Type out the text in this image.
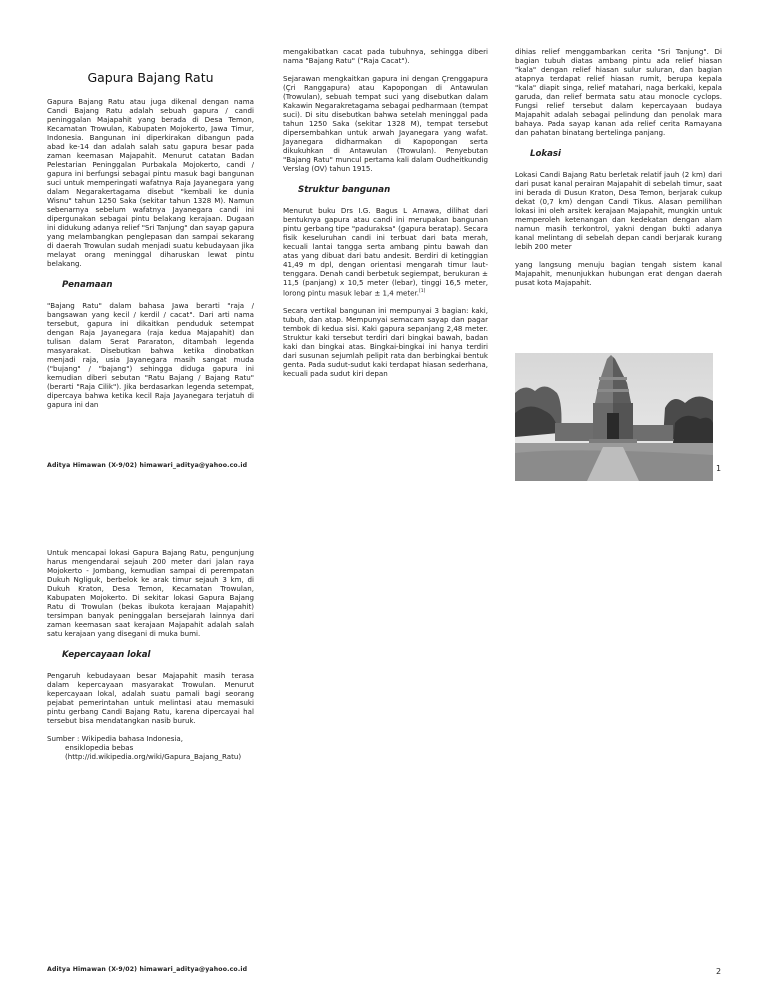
Gapura Bajang Ratu

Gapura Bajang Ratu atau juga dikenal dengan nama Candi Bajang Ratu adalah sebuah gapura / candi peninggalan Majapahit yang berada di Desa Temon, Kecamatan Trowulan, Kabupaten Mojokerto, Jawa Timur, Indonesia. Bangunan ini diperkirakan dibangun pada abad ke-14 dan adalah salah satu gapura besar pada zaman keemasan Majapahit. Menurut catatan Badan Pelestarian Peninggalan Purbakala Mojokerto, candi / gapura ini berfungsi sebagai pintu masuk bagi bangunan suci untuk memperingati wafatnya Raja Jayanegara yang dalam Negarakertagama disebut "kembali ke dunia Wisnu" tahun 1250 Saka (sekitar tahun 1328 M). Namun sebenarnya sebelum wafatnya Jayanegara candi ini dipergunakan sebagai pintu belakang kerajaan. Dugaan ini didukung adanya relief "Sri Tanjung" dan sayap gapura yang melambangkan penglepasan dan sampai sekarang di daerah Trowulan sudah menjadi suatu kebudayaan jika melayat orang meninggal diharuskan lewat pintu belakang.

Penamaan

"Bajang Ratu" dalam bahasa Jawa berarti "raja / bangsawan yang kecil / kerdil / cacat". Dari arti nama tersebut, gapura ini dikaitkan penduduk setempat dengan Raja Jayanegara (raja kedua Majapahit) dan tulisan dalam Serat Pararaton, ditambah legenda masyarakat. Disebutkan bahwa ketika dinobatkan menjadi raja, usia Jayanegara masih sangat muda ("bujang" / "bajang") sehingga diduga gapura ini kemudian diberi sebutan "Ratu Bajang / Bajang Ratu" (berarti "Raja Cilik"). Jika berdasarkan legenda setempat, dipercaya bahwa ketika kecil Raja Jayanegara terjatuh di gapura ini dan

Aditya Himawan (X-9/02) himawari_aditya@yahoo.co.id

mengakibatkan cacat pada tubuhnya, sehingga diberi nama "Bajang Ratu" ("Raja Cacat").

Sejarawan mengkaitkan gapura ini dengan Çrenggapura (Çri Ranggapura) atau Kapopongan di Antawulan (Trowulan), sebuah tempat suci yang disebutkan dalam Kakawin Negarakretagama sebagai pedharmaan (tempat suci). Di situ disebutkan bahwa setelah meninggal pada tahun 1250 Saka (sekitar 1328 M), tempat tersebut dipersembahkan untuk arwah Jayanegara yang wafat. Jayanegara didharmakan di Kapopongan serta dikukuhkan di Antawulan (Trowulan). Penyebutan "Bajang Ratu" muncul pertama kali dalam Oudheitkundig Verslag (OV) tahun 1915.

Struktur bangunan

Menurut buku Drs I.G. Bagus L Arnawa, dilihat dari bentuknya gapura atau candi ini merupakan bangunan pintu gerbang tipe "paduraksa" (gapura beratap). Secara fisik keseluruhan candi ini terbuat dari bata merah, kecuali lantai tangga serta ambang pintu bawah dan atas yang dibuat dari batu andesit. Berdiri di ketinggian 41,49 m dpl, dengan orientasi mengarah timur laut-tenggara. Denah candi berbetuk segiempat, berukuran ± 11,5 (panjang) x 10,5 meter (lebar), tinggi 16,5 meter, lorong pintu masuk lebar ± 1,4 meter.[1]

Secara vertikal bangunan ini mempunyai 3 bagian: kaki, tubuh, dan atap. Mempunyai semacam sayap dan pagar tembok di kedua sisi. Kaki gapura sepanjang 2,48 meter. Struktur kaki tersebut terdiri dari bingkai bawah, badan kaki dan bingkai atas. Bingkai-bingkai ini hanya terdiri dari susunan sejumlah pelipit rata dan berbingkai bentuk genta. Pada sudut-sudut kaki terdapat hiasan sederhana, kecuali pada sudut kiri depan

dihias relief menggambarkan cerita "Sri Tanjung". Di bagian tubuh diatas ambang pintu ada relief hiasan "kala" dengan relief hiasan sulur suluran, dan bagian atapnya terdapat relief hiasan rumit, berupa kepala "kala" diapit singa, relief matahari, naga berkaki, kepala garuda, dan relief bermata satu atau monocle cyclops. Fungsi relief tersebut dalam kepercayaan budaya Majapahit adalah sebagai pelindung dan penolak mara bahaya. Pada sayap kanan ada relief cerita Ramayana dan pahatan binatang bertelinga panjang.

Lokasi

Lokasi Candi Bajang Ratu berletak relatif jauh (2 km) dari dari pusat kanal perairan Majapahit di sebelah timur, saat ini berada di Dusun Kraton, Desa Temon, berjarak cukup dekat (0,7 km) dengan Candi Tikus. Alasan pemilihan lokasi ini oleh arsitek kerajaan Majapahit, mungkin untuk memperoleh ketenangan dan kedekatan dengan alam namun masih terkontrol, yakni dengan bukti adanya kanal melintang di sebelah depan candi berjarak kurang lebih 200 meter

yang langsung menuju bagian tengah sistem kanal Majapahit, menunjukkan hubungan erat dengan daerah pusat kota Majapahit.

1

Untuk mencapai lokasi Gapura Bajang Ratu, pengunjung harus mengendarai sejauh 200 meter dari jalan raya Mojokerto - Jombang, kemudian sampai di perempatan Dukuh Ngliguk, berbelok ke arak timur sejauh 3 km, di Dukuh Kraton, Desa Temon, Kecamatan Trowulan, Kabupaten Mojokerto. Di sekitar lokasi Gapura Bajang Ratu di Trowulan (bekas ibukota kerajaan Majapahit) tersimpan banyak peninggalan bersejarah lainnya dari zaman keemasan saat kerajaan Majapahit adalah salah satu kerajaan yang disegani di muka bumi.

Kepercayaan lokal

Pengaruh kebudayaan besar Majapahit masih terasa dalam kepercayaan masyarakat Trowulan. Menurut kepercayaan lokal, adalah suatu pamali bagi seorang pejabat pemerintahan untuk melintasi atau memasuki pintu gerbang Candi Bajang Ratu, karena dipercayai hal tersebut bisa mendatangkan nasib buruk.

Sumber : Wikipedia bahasa Indonesia,
ensiklopedia bebas
(http://id.wikipedia.org/wiki/Gapura_Bajang_Ratu)
Aditya Himawan (X-9/02) himawari_aditya@yahoo.co.id	2
